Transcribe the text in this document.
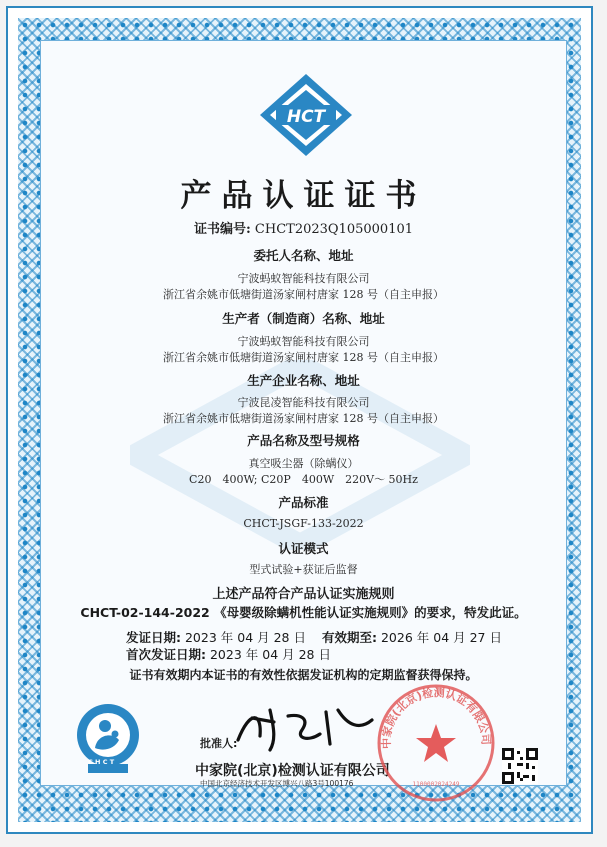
HCT
产品认证证书
证书编号: CHCT2023Q105000101
委托人名称、地址
宁波蚂蚁智能科技有限公司
浙江省余姚市低塘街道汤家闸村唐家 128 号（自主申报）
生产者（制造商）名称、地址
宁波蚂蚁智能科技有限公司
浙江省余姚市低塘街道汤家闸村唐家 128 号（自主申报）
生产企业名称、地址
宁波昆凌智能科技有限公司
浙江省余姚市低塘街道汤家闸村唐家 128 号（自主申报）
产品名称及型号规格
真空吸尘器（除螨仪）
C20　400W; C20P　400W　220V～ 50Hz
产品标准
CHCT-JSGF-133-2022
认证模式
型式试验+获证后监督
上述产品符合产品认证实施规则
CHCT-02-144-2022 《母婴级除螨机性能认证实施规则》的要求，特发此证。
发证日期: 2023 年 04 月 28 日 有效期至: 2026 年 04 月 27 日
首次发证日期: 2023 年 04 月 28 日
证书有效期内本证书的有效性依据发证机构的定期监督获得保持。
C H C T
批准人:
中家院(北京)检测认证有限公司
中国北京经济技术开发区博兴八路3号100176
中家院(北京)检测认证有限公司
1100002024249
